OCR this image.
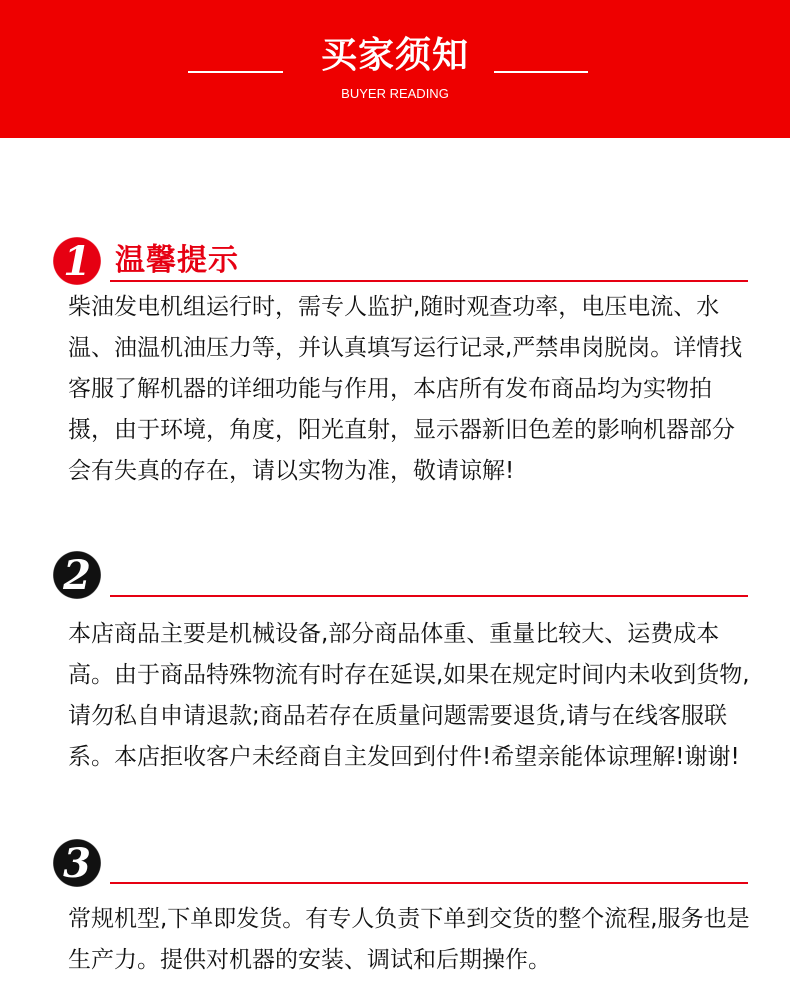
买家须知
BUYER READING
1 温馨提示
柴油发电机组运行时，需专人监护,随时观查功率，电压电流、水温、油温机油压力等，并认真填写运行记录,严禁串岗脱岗。详情找客服了解机器的详细功能与作用，本店所有发布商品均为实物拍摄，由于环境，角度，阳光直射，显示器新旧色差的影响机器部分会有失真的存在，请以实物为准，敬请谅解!
2
本店商品主要是机械设备,部分商品体重、重量比较大、运费成本高。由于商品特殊物流有时存在延误,如果在规定时间内未收到货物,请勿私自申请退款;商品若存在质量问题需要退货,请与在线客服联系。本店拒收客户未经商自主发回到付件!希望亲能体谅理解!谢谢!
3
常规机型,下单即发货。有专人负责下单到交货的整个流程,服务也是生产力。提供对机器的安装、调试和后期操作。
